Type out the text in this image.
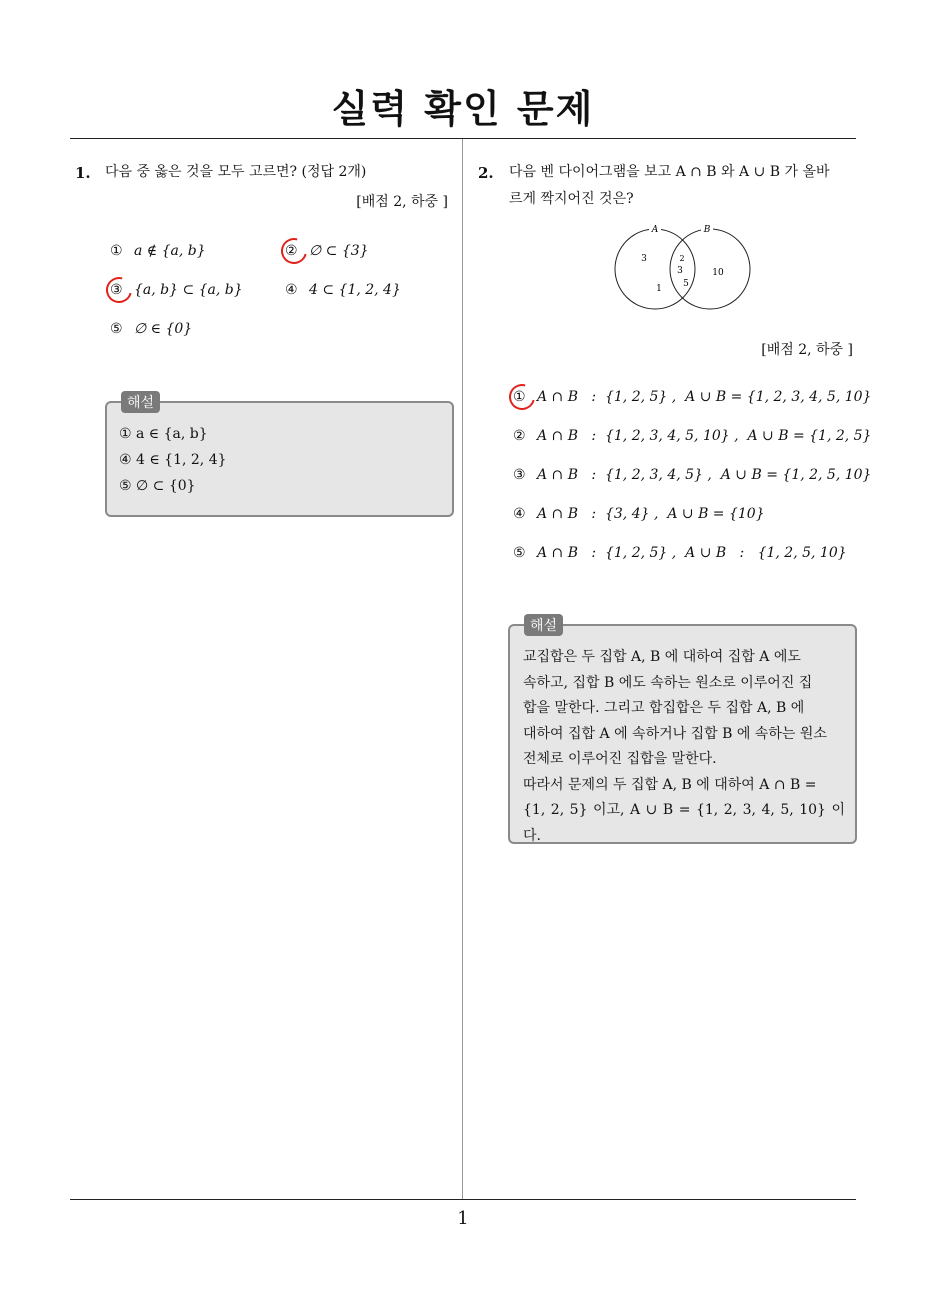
실력 확인 문제
1. 다음 중 옳은 것을 모두 고르면? (정답 2개)
[배점 2, 하중 ]
① a ∉ {a, b}	② ∅ ⊂ {3}
③ {a, b} ⊂ {a, b}	④ 4 ⊂ {1, 2, 4}
⑤ ∅ ∈ {0}
해설
① a ∈ {a, b}
④ 4 ∈ {1, 2, 4}
⑤ ∅ ⊂ {0}
2. 다음 벤 다이어그램을 보고 A ∩ B 와 A ∪ B 가 올바
르게 짝지어진 것은?
A	B
3
1
2
3
5
10
[배점 2, 하중 ]
① A ∩ B   :  {1, 2, 5} ,  A ∪ B = {1, 2, 3, 4, 5, 10}
② A ∩ B   :  {1, 2, 3, 4, 5, 10} ,  A ∪ B = {1, 2, 5}
③ A ∩ B   :  {1, 2, 3, 4, 5} ,  A ∪ B = {1, 2, 5, 10}
④ A ∩ B   :  {3, 4} ,  A ∪ B = {10}
⑤ A ∩ B   :  {1, 2, 5} ,  A ∪ B   :   {1, 2, 5, 10}
해설
교집합은 두 집합 A, B 에 대하여 집합 A 에도
속하고, 집합 B 에도 속하는 원소로 이루어진 집
합을 말한다. 그리고 합집합은 두 집합 A, B 에
대하여 집합 A 에 속하거나 집합 B 에 속하는 원소
전체로 이루어진 집합을 말한다.
따라서 문제의 두 집합 A, B 에 대하여 A ∩ B =
{1, 2, 5} 이고, A ∪ B = {1, 2, 3, 4, 5, 10} 이다.
1
